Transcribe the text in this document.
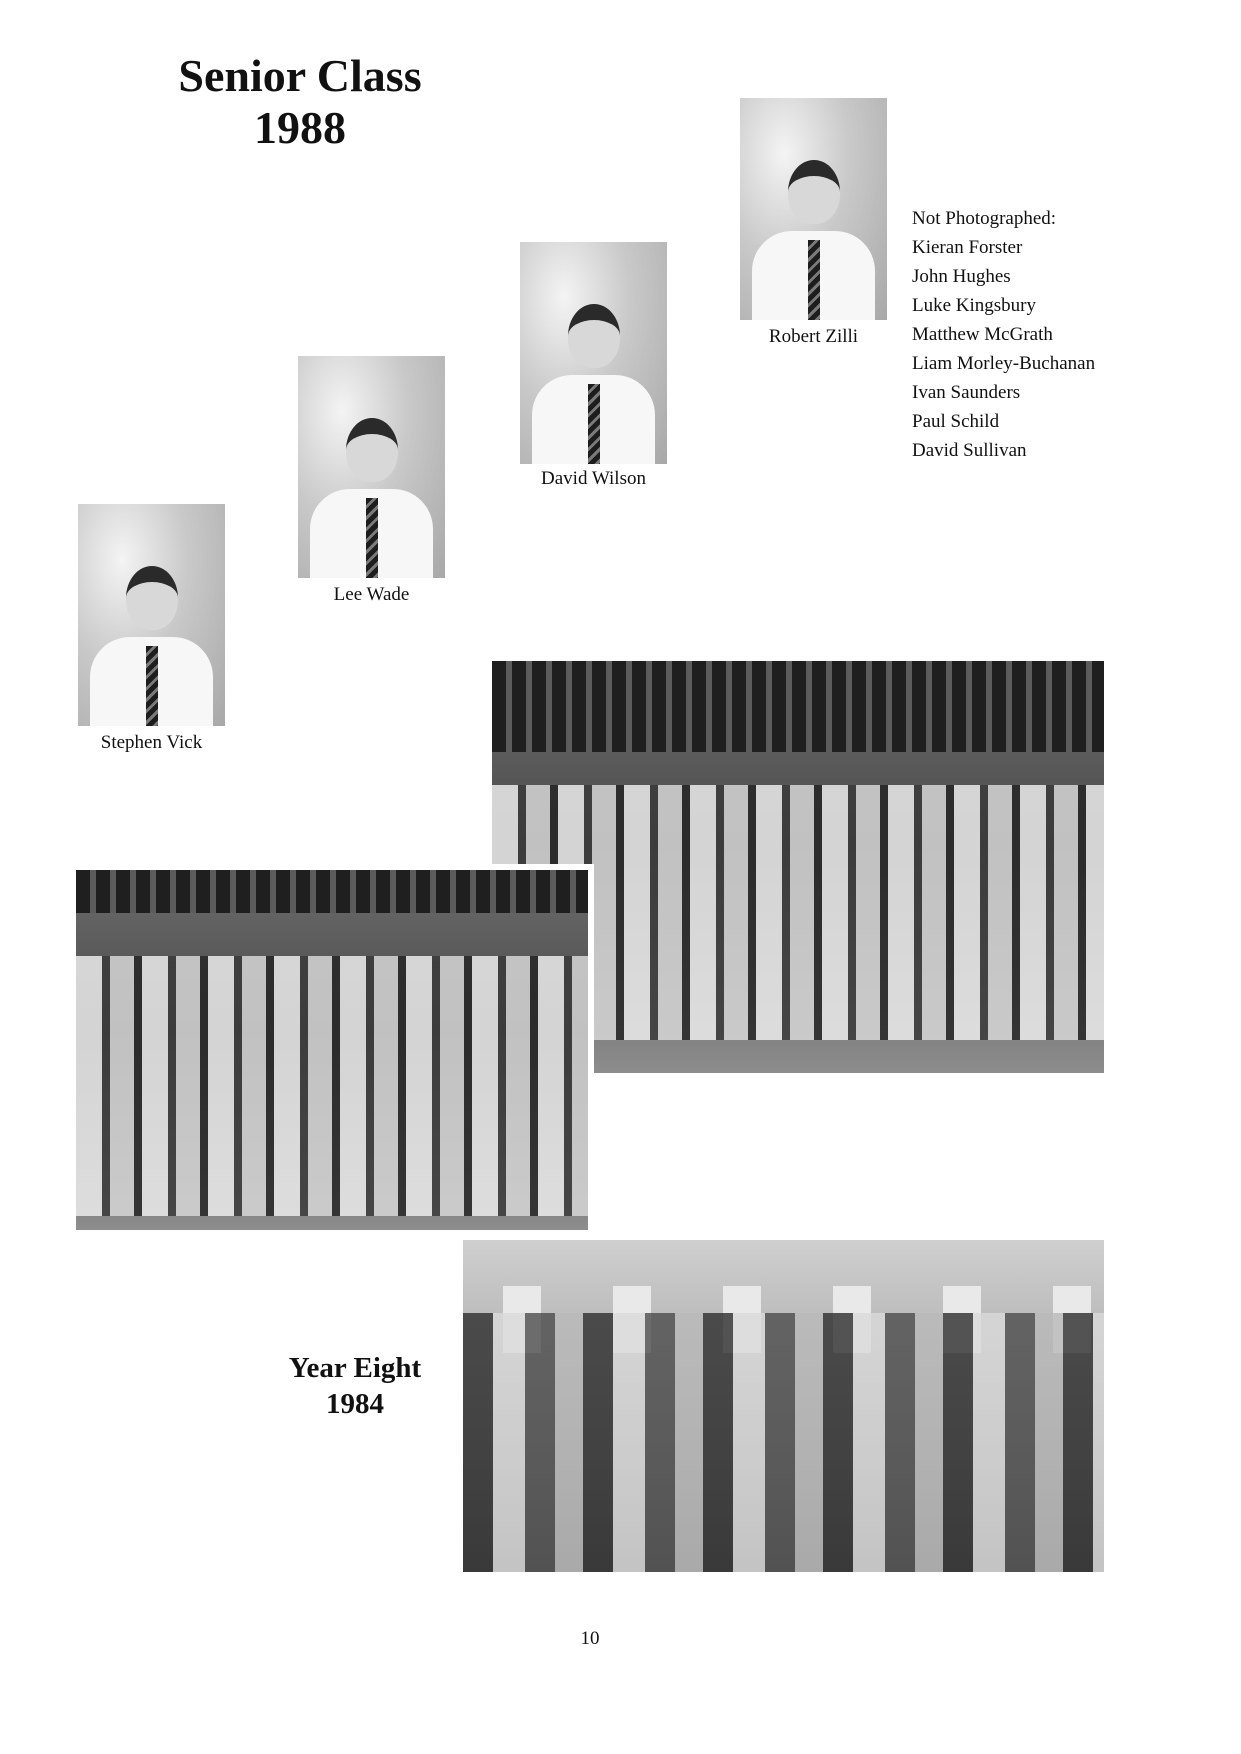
Senior Class
1988
Robert Zilli
David Wilson
Lee Wade
Stephen Vick
Not Photographed:
Kieran Forster
John Hughes
Luke Kingsbury
Matthew McGrath
Liam Morley-Buchanan
Ivan Saunders
Paul Schild
David Sullivan
Year Eight
1984
10
